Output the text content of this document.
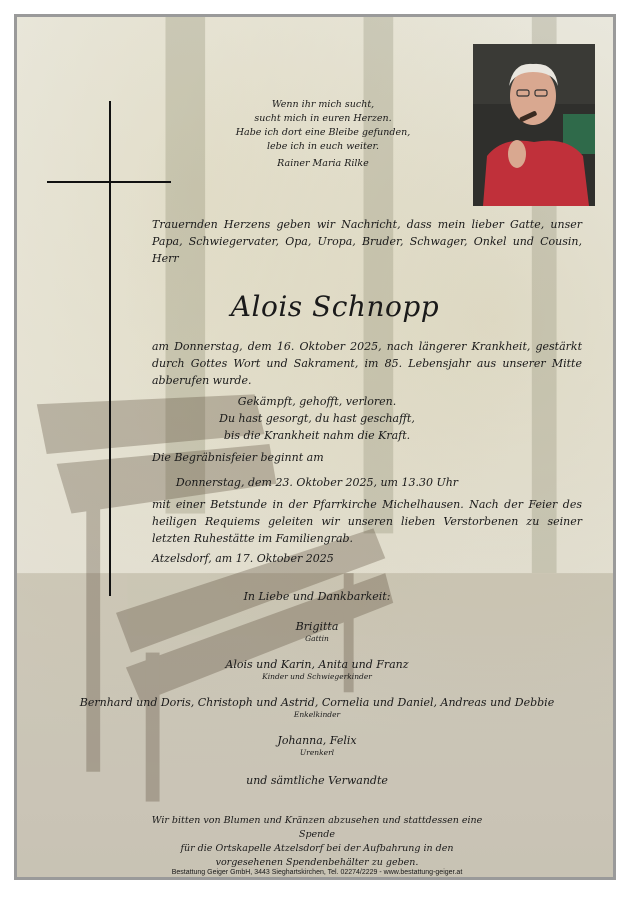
Wenn ihr mich sucht,
sucht mich in euren Herzen.
Habe ich dort eine Bleibe gefunden,
lebe ich in euch weiter.
Rainer Maria Rilke
Trauernden Herzens geben wir Nachricht, dass mein lieber Gatte, unser Papa, Schwiegervater, Opa, Uropa, Bruder, Schwager, Onkel und Cousin, Herr
Alois Schnopp
am Donnerstag, dem 16. Oktober 2025, nach längerer Krankheit, gestärkt durch Gottes Wort und Sakrament, im 85. Lebensjahr aus unserer Mitte abberufen wurde.
Gekämpft, gehofft, verloren.
Du hast gesorgt, du hast geschafft,
bis die Krankheit nahm die Kraft.
Die Begräbnisfeier beginnt am
Donnerstag, dem 23. Oktober 2025, um 13.30 Uhr
mit einer Betstunde in der Pfarrkirche Michelhausen. Nach der Feier des heiligen Requiems geleiten wir unseren lieben Verstorbenen zu seiner letzten Ruhestätte im Familiengrab.
Atzelsdorf, am 17. Oktober 2025
In Liebe und Dankbarkeit:
Brigitta
Gattin
Alois und Karin, Anita und Franz
Kinder und Schwiegerkinder
Bernhard und Doris, Christoph und Astrid, Cornelia und Daniel, Andreas und Debbie
Enkelkinder
Johanna, Felix
Urenkerl
und sämtliche Verwandte
Wir bitten von Blumen und Kränzen abzusehen und stattdessen eine Spende
für die Ortskapelle Atzelsdorf bei der Aufbahrung in den
vorgesehenen Spendenbehälter zu geben.
Bestattung Geiger GmbH, 3443 Sieghartskirchen, Tel. 02274/2229 - www.bestattung-geiger.at
